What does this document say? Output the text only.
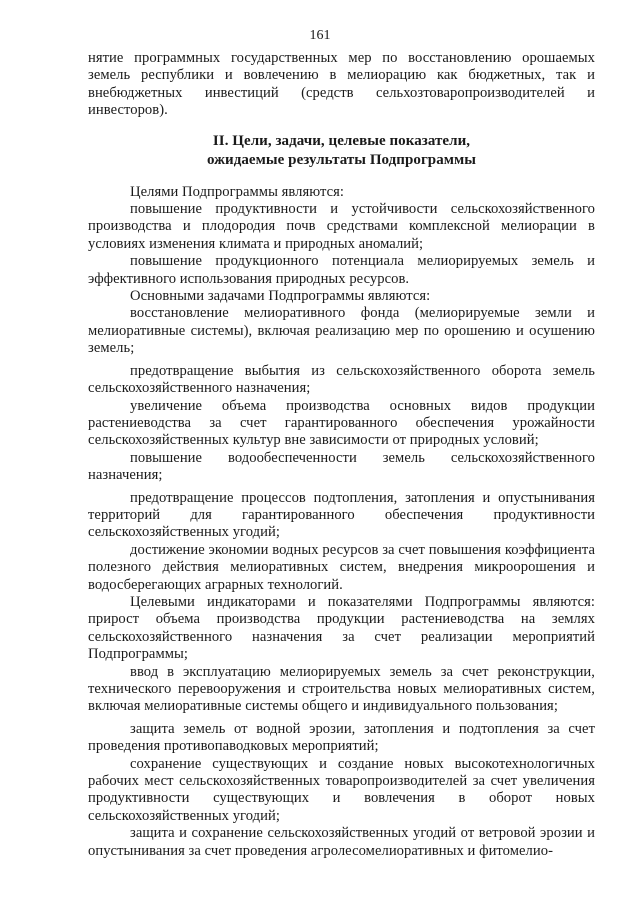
161

нятие программных государственных мер по восстановлению орошаемых земель республики и вовлечению в мелиорацию как бюджетных, так и внебюджетных инвестиций (средств сельхозтоваропроизводителей и инвесторов).

II. Цели, задачи, целевые показатели,
ожидаемые результаты Подпрограммы

Целями Подпрограммы являются:

повышение продуктивности и устойчивости сельскохозяйственного производства и плодородия почв средствами комплексной мелиорации в условиях изменения климата и природных аномалий;

повышение продукционного потенциала мелиорируемых земель и эффективного использования природных ресурсов.

Основными задачами Подпрограммы являются:

восстановление мелиоративного фонда (мелиорируемые земли и мелиоративные системы), включая реализацию мер по орошению и осушению земель;

предотвращение выбытия из сельскохозяйственного оборота земель сельскохозяйственного назначения;

увеличение объема производства основных видов продукции растениеводства за счет гарантированного обеспечения урожайности сельскохозяйственных культур вне зависимости от природных условий;

повышение водообеспеченности земель сельскохозяйственного назначения;

предотвращение процессов подтопления, затопления и опустынивания территорий для гарантированного обеспечения продуктивности сельскохозяйственных угодий;

достижение экономии водных ресурсов за счет повышения коэффициента полезного действия мелиоративных систем, внедрения микроорошения и водосберегающих аграрных технологий.

Целевыми индикаторами и показателями Подпрограммы являются: прирост объема производства продукции растениеводства на землях сельскохозяйственного назначения за счет реализации мероприятий Подпрограммы;

ввод в эксплуатацию мелиорируемых земель за счет реконструкции, технического перевооружения и строительства новых мелиоративных систем, включая мелиоративные системы общего и индивидуального пользования;

защита земель от водной эрозии, затопления и подтопления за счет проведения противопаводковых мероприятий;

сохранение существующих и создание новых высокотехнологичных рабочих мест сельскохозяйственных товаропроизводителей за счет увеличения продуктивности существующих и вовлечения в оборот новых сельскохозяйственных угодий;

защита и сохранение сельскохозяйственных угодий от ветровой эрозии и опустынивания за счет проведения агролесомелиоративных и фитомелио-
